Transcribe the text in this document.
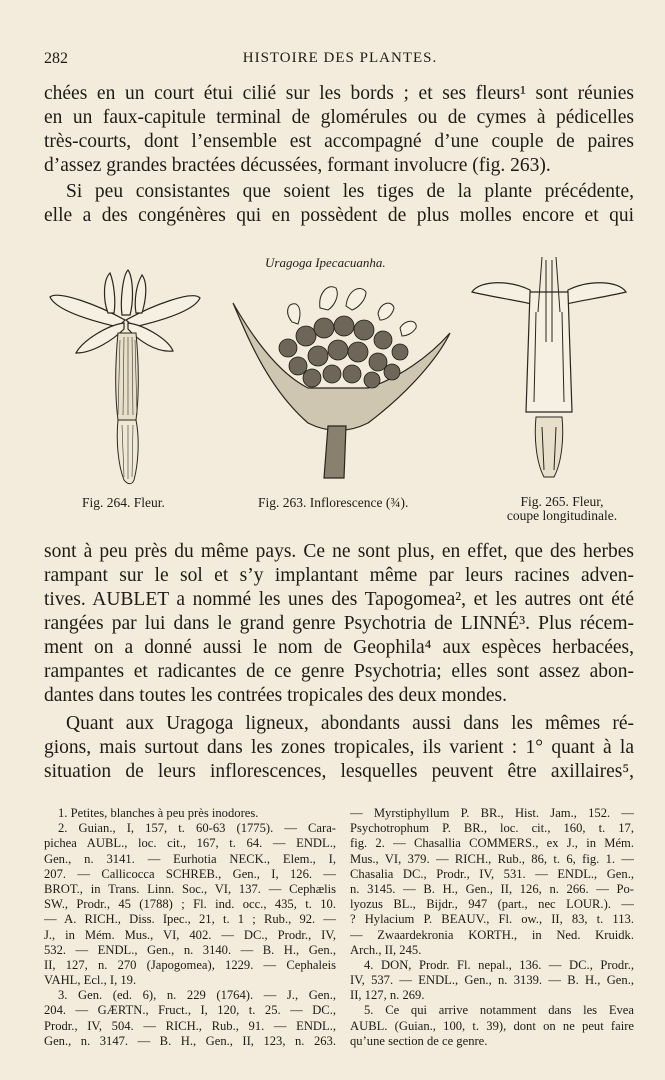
282	HISTOIRE DES PLANTES.
chées en un court étui cilié sur les bords ; et ses fleurs¹ sont réunies
en un faux-capitule terminal de glomérules ou de cymes à pédicelles
très-courts, dont l’ensemble est accompagné d’une couple de paires
d’assez grandes bractées décussées, formant involucre (fig. 263).
Si peu consistantes que soient les tiges de la plante précédente,
elle a des congénères qui en possèdent de plus molles encore et qui
Uragoga Ipecacuanha.
Fig. 264. Fleur.	Fig. 263. Inflorescence (¾).	Fig. 265. Fleur,
coupe longitudinale.
sont à peu près du même pays. Ce ne sont plus, en effet, que des herbes
rampant sur le sol et s’y implantant même par leurs racines adven-
tives. AUBLET a nommé les unes des Tapogomea², et les autres ont été
rangées par lui dans le grand genre Psychotria de LINNÉ³. Plus récem-
ment on a donné aussi le nom de Geophila⁴ aux espèces herbacées,
rampantes et radicantes de ce genre Psychotria; elles sont assez abon-
dantes dans toutes les contrées tropicales des deux mondes.
Quant aux Uragoga ligneux, abondants aussi dans les mêmes ré-
gions, mais surtout dans les zones tropicales, ils varient : 1° quant à la
situation de leurs inflorescences, lesquelles peuvent être axillaires⁵,
1. Petites, blanches à peu près inodores.
2. Guian., I, 157, t. 60-63 (1775). — Cara-
pichea AUBL., loc. cit., 167, t. 64. — ENDL.,
Gen., n. 3141. — Eurhotia NECK., Elem., I,
207. — Callicocca SCHREB., Gen., I, 126. —
BROT., in Trans. Linn. Soc., VI, 137. — Cephælis
SW., Prodr., 45 (1788) ; Fl. ind. occ., 435, t. 10.
— A. RICH., Diss. Ipec., 21, t. 1 ; Rub., 92. —
J., in Mém. Mus., VI, 402. — DC., Prodr., IV,
532. — ENDL., Gen., n. 3140. — B. H., Gen.,
II, 127, n. 270 (Japogomea), 1229. — Cephaleis
VAHL, Ecl., I, 19.
3. Gen. (ed. 6), n. 229 (1764). — J., Gen.,
204. — GÆRTN., Fruct., I, 120, t. 25. — DC.,
Prodr., IV, 504. — RICH., Rub., 91. — ENDL.,
Gen., n. 3147. — B. H., Gen., II, 123, n. 263.
— Myrstiphyllum P. BR., Hist. Jam., 152. —
Psychotrophum P. BR., loc. cit., 160, t. 17,
fig. 2. — Chasallia COMMERS., ex J., in Mém.
Mus., VI, 379. — RICH., Rub., 86, t. 6, fig. 1. —
Chasalia DC., Prodr., IV, 531. — ENDL., Gen.,
n. 3145. — B. H., Gen., II, 126, n. 266. — Po-
lyozus BL., Bijdr., 947 (part., nec LOUR.). —
? Hylacium P. BEAUV., Fl. ow., II, 83, t. 113.
— Zwaardekronia KORTH., in Ned. Kruidk.
Arch., II, 245.
4. DON, Prodr. Fl. nepal., 136. — DC., Prodr.,
IV, 537. — ENDL., Gen., n. 3139. — B. H., Gen.,
II, 127, n. 269.
5. Ce qui arrive notamment dans les Evea
AUBL. (Guian., 100, t. 39), dont on ne peut faire
qu’une section de ce genre.
